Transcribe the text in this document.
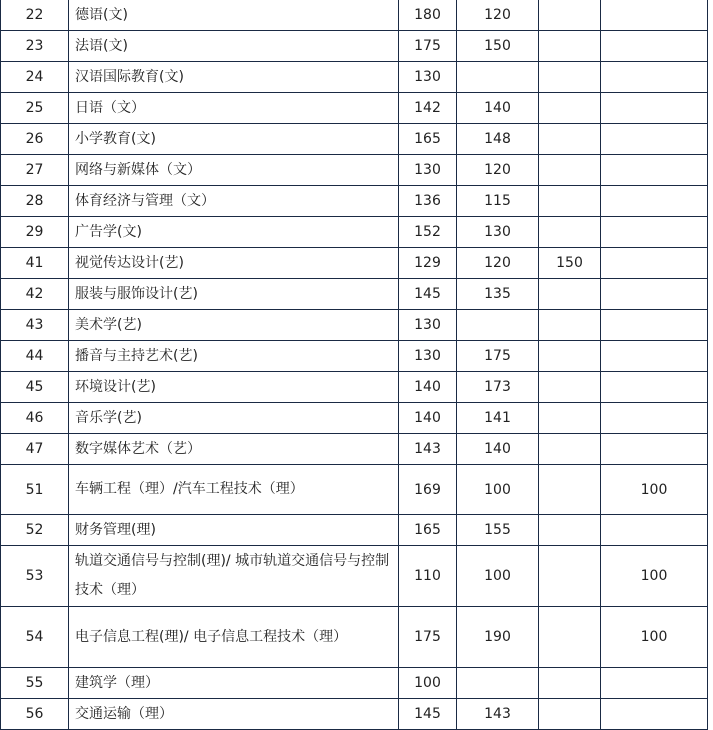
22	德语(文)	180	120		
23	法语(文)	175	150		
24	汉语国际教育(文)	130			
25	日语（文）	142	140		
26	小学教育(文)	165	148		
27	网络与新媒体（文）	130	120		
28	体育经济与管理（文）	136	115		
29	广告学(文)	152	130		
41	视觉传达设计(艺)	129	120	150	
42	服装与服饰设计(艺)	145	135		
43	美术学(艺)	130			
44	播音与主持艺术(艺)	130	175		
45	环境设计(艺)	140	173		
46	音乐学(艺)	140	141		
47	数字媒体艺术（艺）	143	140		
51	车辆工程（理）/汽车工程技术（理）	169	100		100
52	财务管理(理)	165	155		
53	轨道交通信号与控制(理)/ 城市轨道交通信号与控制技术（理）	110	100		100
54	电子信息工程(理)/ 电子信息工程技术（理）	175	190		100
55	建筑学（理）	100			
56	交通运输（理）	145	143		
